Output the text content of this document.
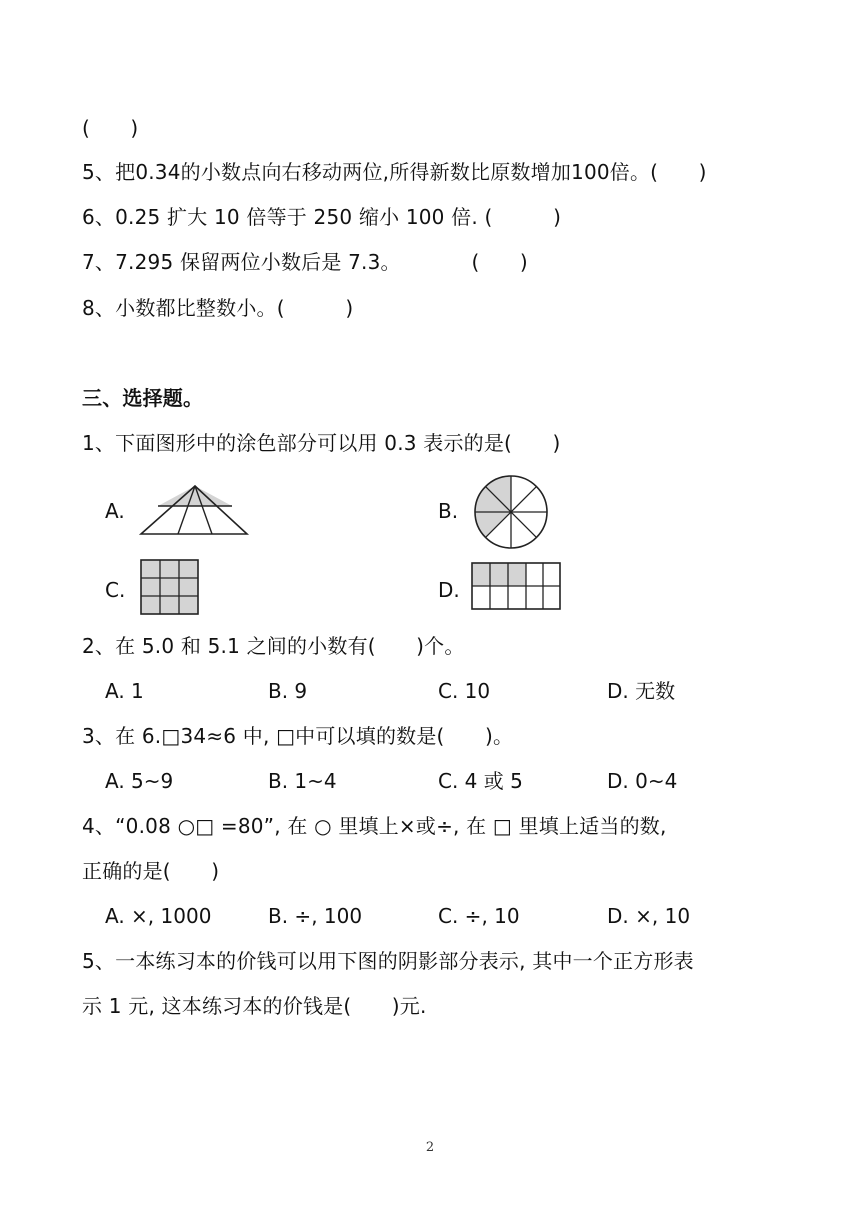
(　　)
5、把0.34的小数点向右移动两位,所得新数比原数增加100倍。(　　)
6、0.25 扩大 10 倍等于 250 缩小 100 倍. (　　　)
7、7.295 保留两位小数后是 7.3。　　　　(　　)
8、小数都比整数小。(　　　)
三、选择题。
1、下面图形中的涂色部分可以用 0.3 表示的是(　　)
A.	B.
C.	D.
2、在 5.0 和 5.1 之间的小数有(　　)个。
A. 1	B. 9	C. 10	D. 无数
3、在 6.□34≈6 中, □中可以填的数是(　　)。
A. 5~9	B. 1~4	C. 4 或 5	D. 0~4
4、“0.08 ○□ =80”, 在 ○ 里填上×或÷, 在 □ 里填上适当的数,
正确的是(　　)
A. ×, 1000	B. ÷, 100	C. ÷, 10	D. ×, 10
5、一本练习本的价钱可以用下图的阴影部分表示, 其中一个正方形表
示 1 元, 这本练习本的价钱是(　　)元.
2
